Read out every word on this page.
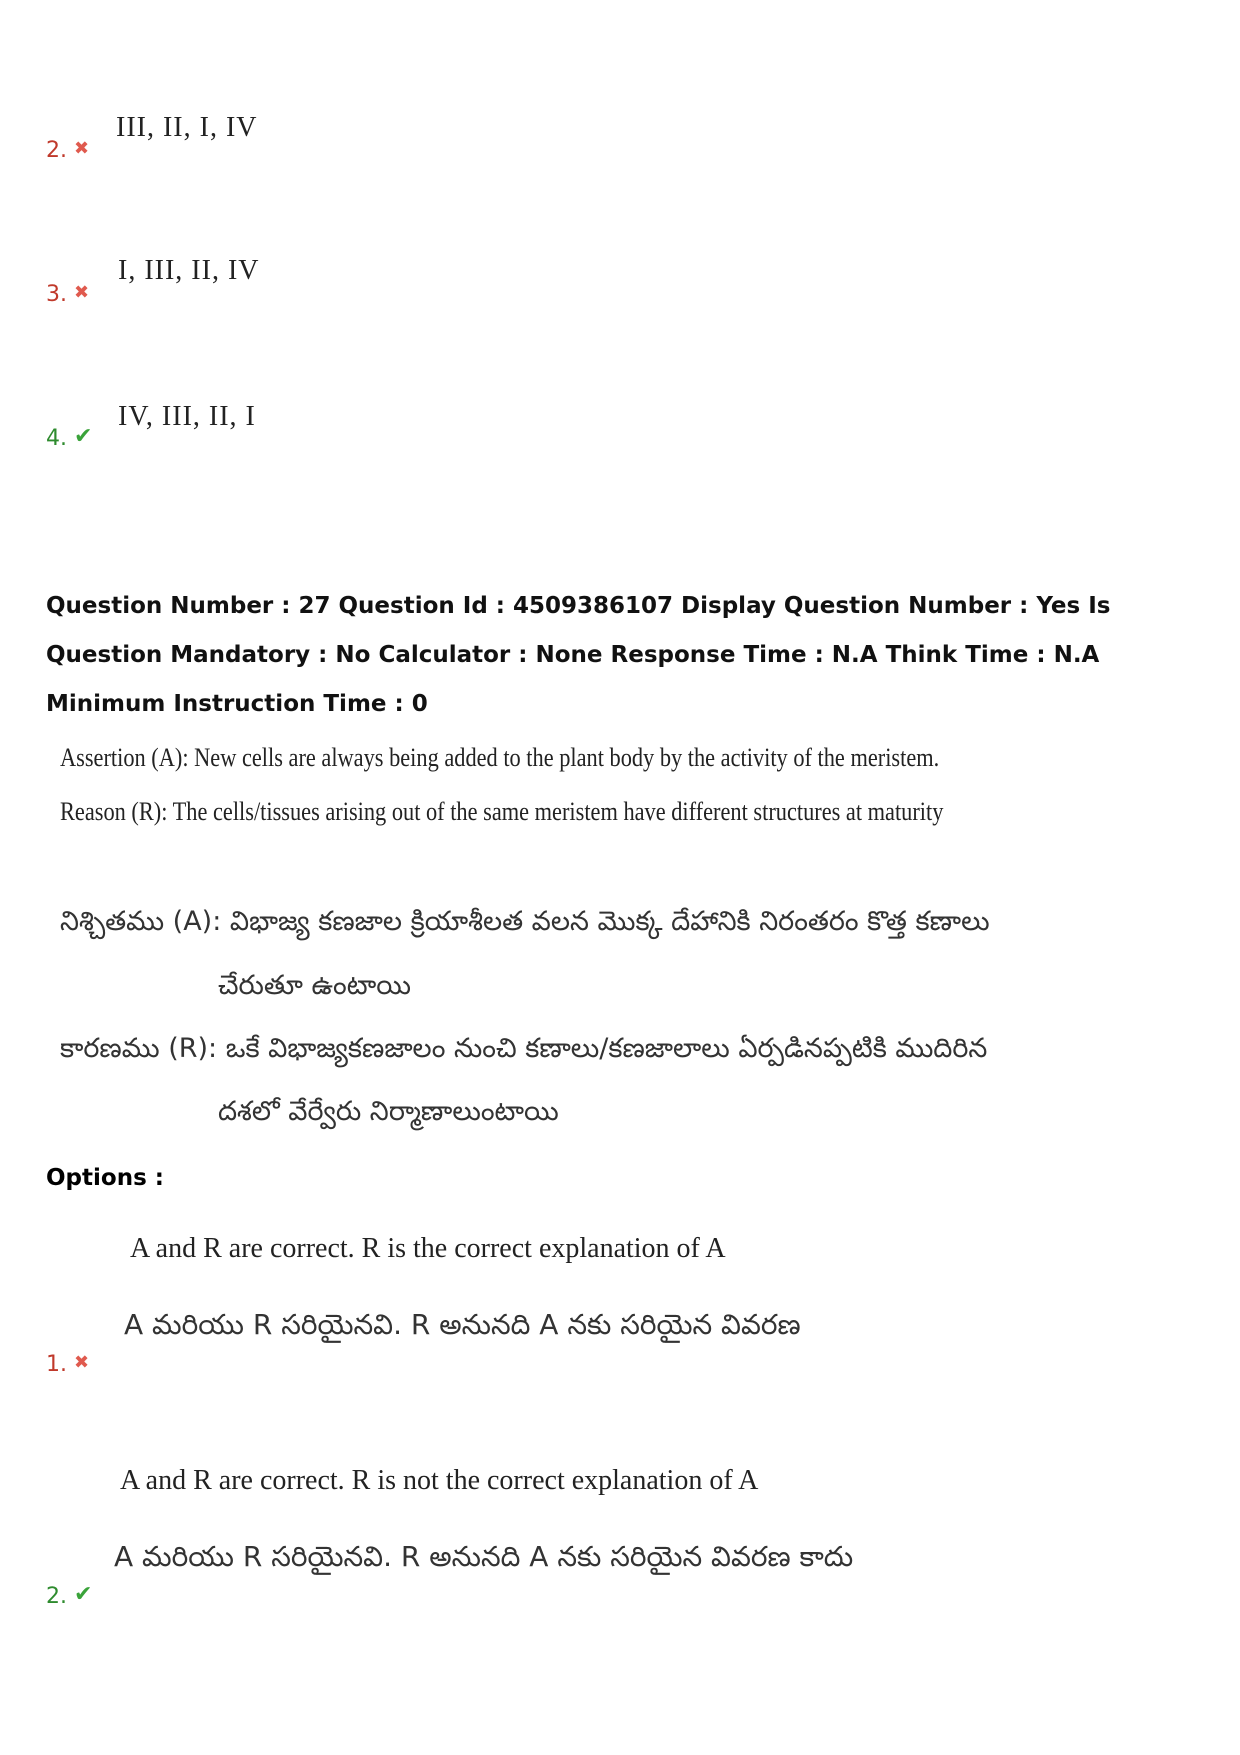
2. ✖
III, II, I, IV
3. ✖
I, III, II, IV
4. ✔
IV, III, II, I
Question Number : 27 Question Id : 4509386107 Display Question Number : Yes Is Question Mandatory : No Calculator : None Response Time : N.A Think Time : N.A Minimum Instruction Time : 0
Assertion (A): New cells are always being added to the plant body by the activity of the meristem.
Reason (R): The cells/tissues arising out of the same meristem have different structures at maturity
నిశ్చితము (A): విభాజ్య కణజాల క్రియాశీలత వలన మొక్క దేహానికి నిరంతరం కొత్త కణాలు
చేరుతూ ఉంటాయి
కారణము (R): ఒకే విభాజ్యకణజాలం నుంచి కణాలు/కణజాలాలు ఏర్పడినప్పటికి ముదిరిన
దశలో వేర్వేరు నిర్మాణాలుంటాయి
Options :
A and R are correct. R is the correct explanation of A
A మరియు R సరియైనవి. R అనునది A నకు సరియైన వివరణ
1. ✖
A and R are correct. R is not the correct explanation of A
A మరియు R సరియైనవి. R అనునది A నకు సరియైన వివరణ కాదు
2. ✔
